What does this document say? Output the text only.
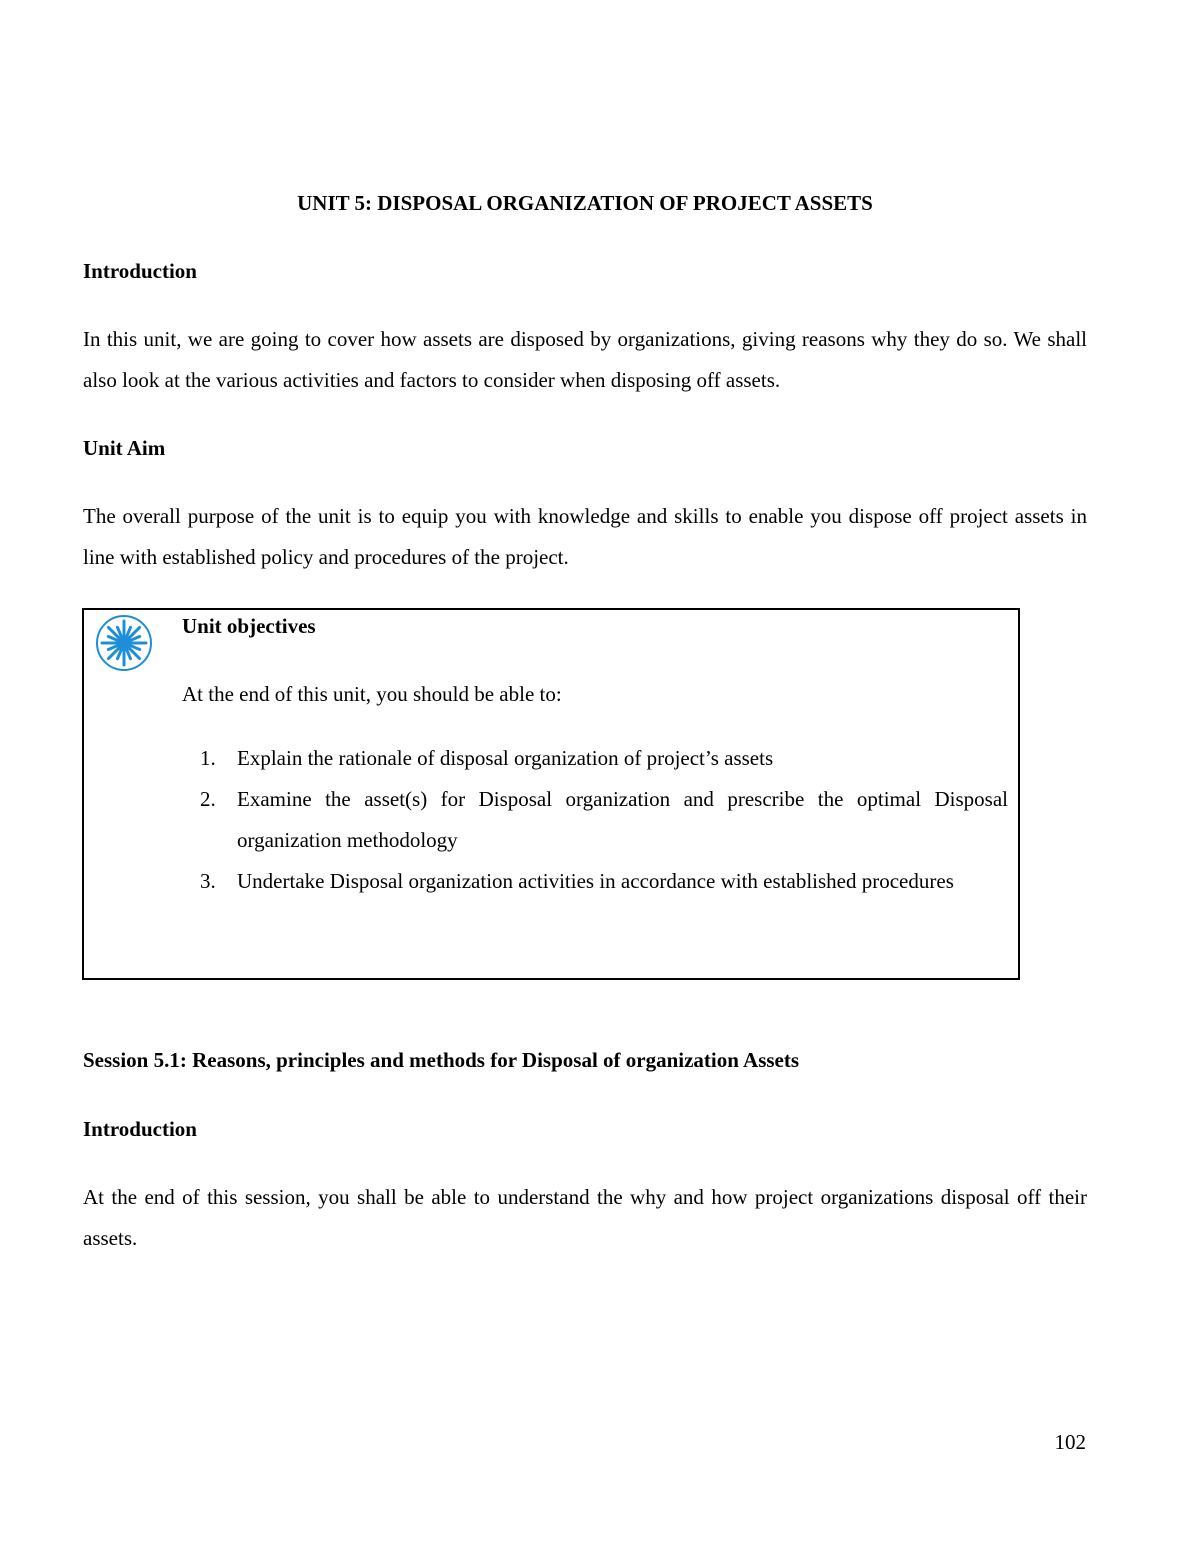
UNIT 5: DISPOSAL ORGANIZATION OF PROJECT ASSETS
Introduction

In this unit, we are going to cover how assets are disposed by organizations, giving reasons why they do so. We shall also look at the various activities and factors to consider when disposing off assets.

Unit Aim

The overall purpose of the unit is to equip you with knowledge and skills to enable you dispose off project assets in line with established policy and procedures of the project.

Unit objectives
At the end of this unit, you should be able to:
1. Explain the rationale of disposal organization of project’s assets
2. Examine the asset(s) for Disposal organization and prescribe the optimal Disposal organization methodology
3. Undertake Disposal organization activities in accordance with established procedures
Session 5.1: Reasons, principles and methods for Disposal of organization Assets
Introduction

At the end of this session, you shall be able to understand the why and how project organizations disposal off their assets.

102
